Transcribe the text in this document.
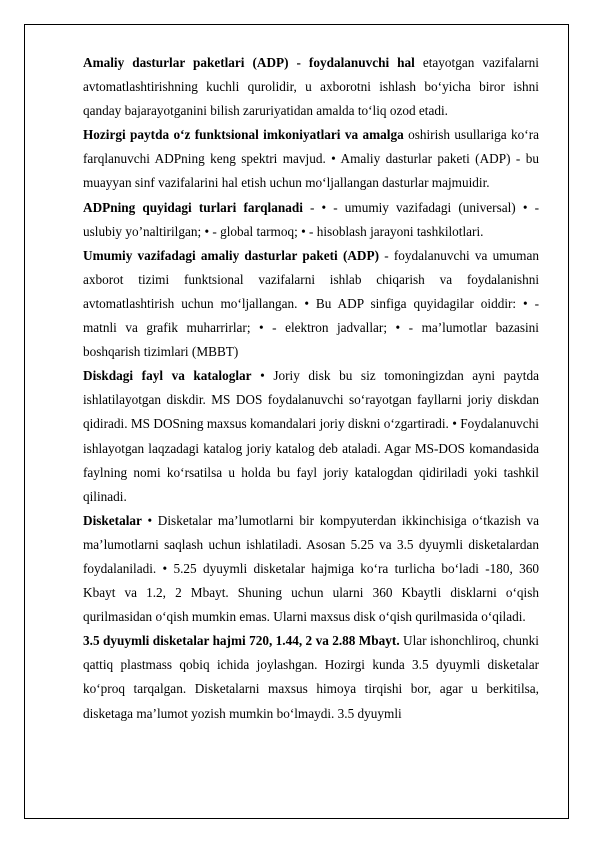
Amaliy dasturlar paketlari (ADP) - foydalanuvchi hal etayotgan vazifalarni avtomatlashtirishning kuchli qurolidir, u axborotni ishlash bo‘yicha biror ishni qanday bajarayotganini bilish zaruriyatidan amalda to‘liq ozod etadi.

Hozirgi paytda o‘z funktsional imkoniyatlari va amalga oshirish usullariga ko‘ra farqlanuvchi ADPning keng spektri mavjud. • Amaliy dasturlar paketi (ADP) - bu muayyan sinf vazifalarini hal etish uchun mo‘ljallangan dasturlar majmuidir.

ADPning quyidagi turlari farqlanadi - • - umumiy vazifadagi (universal) • - uslubiy yo’naltirilgan; • - global tarmoq; • - hisoblash jarayoni tashkilotlari.

Umumiy vazifadagi amaliy dasturlar paketi (ADP) - foydalanuvchi va umuman axborot tizimi funktsional vazifalarni ishlab chiqarish va foydalanishni avtomatlashtirish uchun mo‘ljallangan. • Bu ADP sinfiga quyidagilar oiddir: • - matnli va grafik muharrirlar; • - elektron jadvallar; • - ma’lumotlar bazasini boshqarish tizimlari (MBBT)

Diskdagi fayl va kataloglar • Joriy disk bu siz tomoningizdan ayni paytda ishlatilayotgan diskdir. MS DOS foydalanuvchi so‘rayotgan fayllarni joriy diskdan qidiradi. MS DOSning maxsus komandalari joriy diskni o‘zgartiradi. • Foydalanuvchi ishlayotgan laqzadagi katalog joriy katalog deb ataladi. Agar MS-DOS komandasida faylning nomi ko‘rsatilsa u holda bu fayl joriy katalogdan qidiriladi yoki tashkil qilinadi.

Disketalar • Disketalar ma’lumotlarni bir kompyuterdan ikkinchisiga o‘tkazish va ma’lumotlarni saqlash uchun ishlatiladi. Asosan 5.25 va 3.5 dyuymli disketalardan foydalaniladi. • 5.25 dyuymli disketalar hajmiga ko‘ra turlicha bo‘ladi -180, 360 Kbayt va 1.2, 2 Mbayt. Shuning uchun ularni 360 Kbaytli disklarni o‘qish qurilmasidan o‘qish mumkin emas. Ularni maxsus disk o‘qish qurilmasida o‘qiladi.

3.5 dyuymli disketalar hajmi 720, 1.44, 2 va 2.88 Mbayt. Ular ishonchliroq, chunki qattiq plastmass qobiq ichida joylashgan. Hozirgi kunda 3.5 dyuymli disketalar ko‘proq tarqalgan. Disketalarni maxsus himoya tirqishi bor, agar u berkitilsa, disketaga ma’lumot yozish mumkin bo‘lmaydi. 3.5 dyuymli
